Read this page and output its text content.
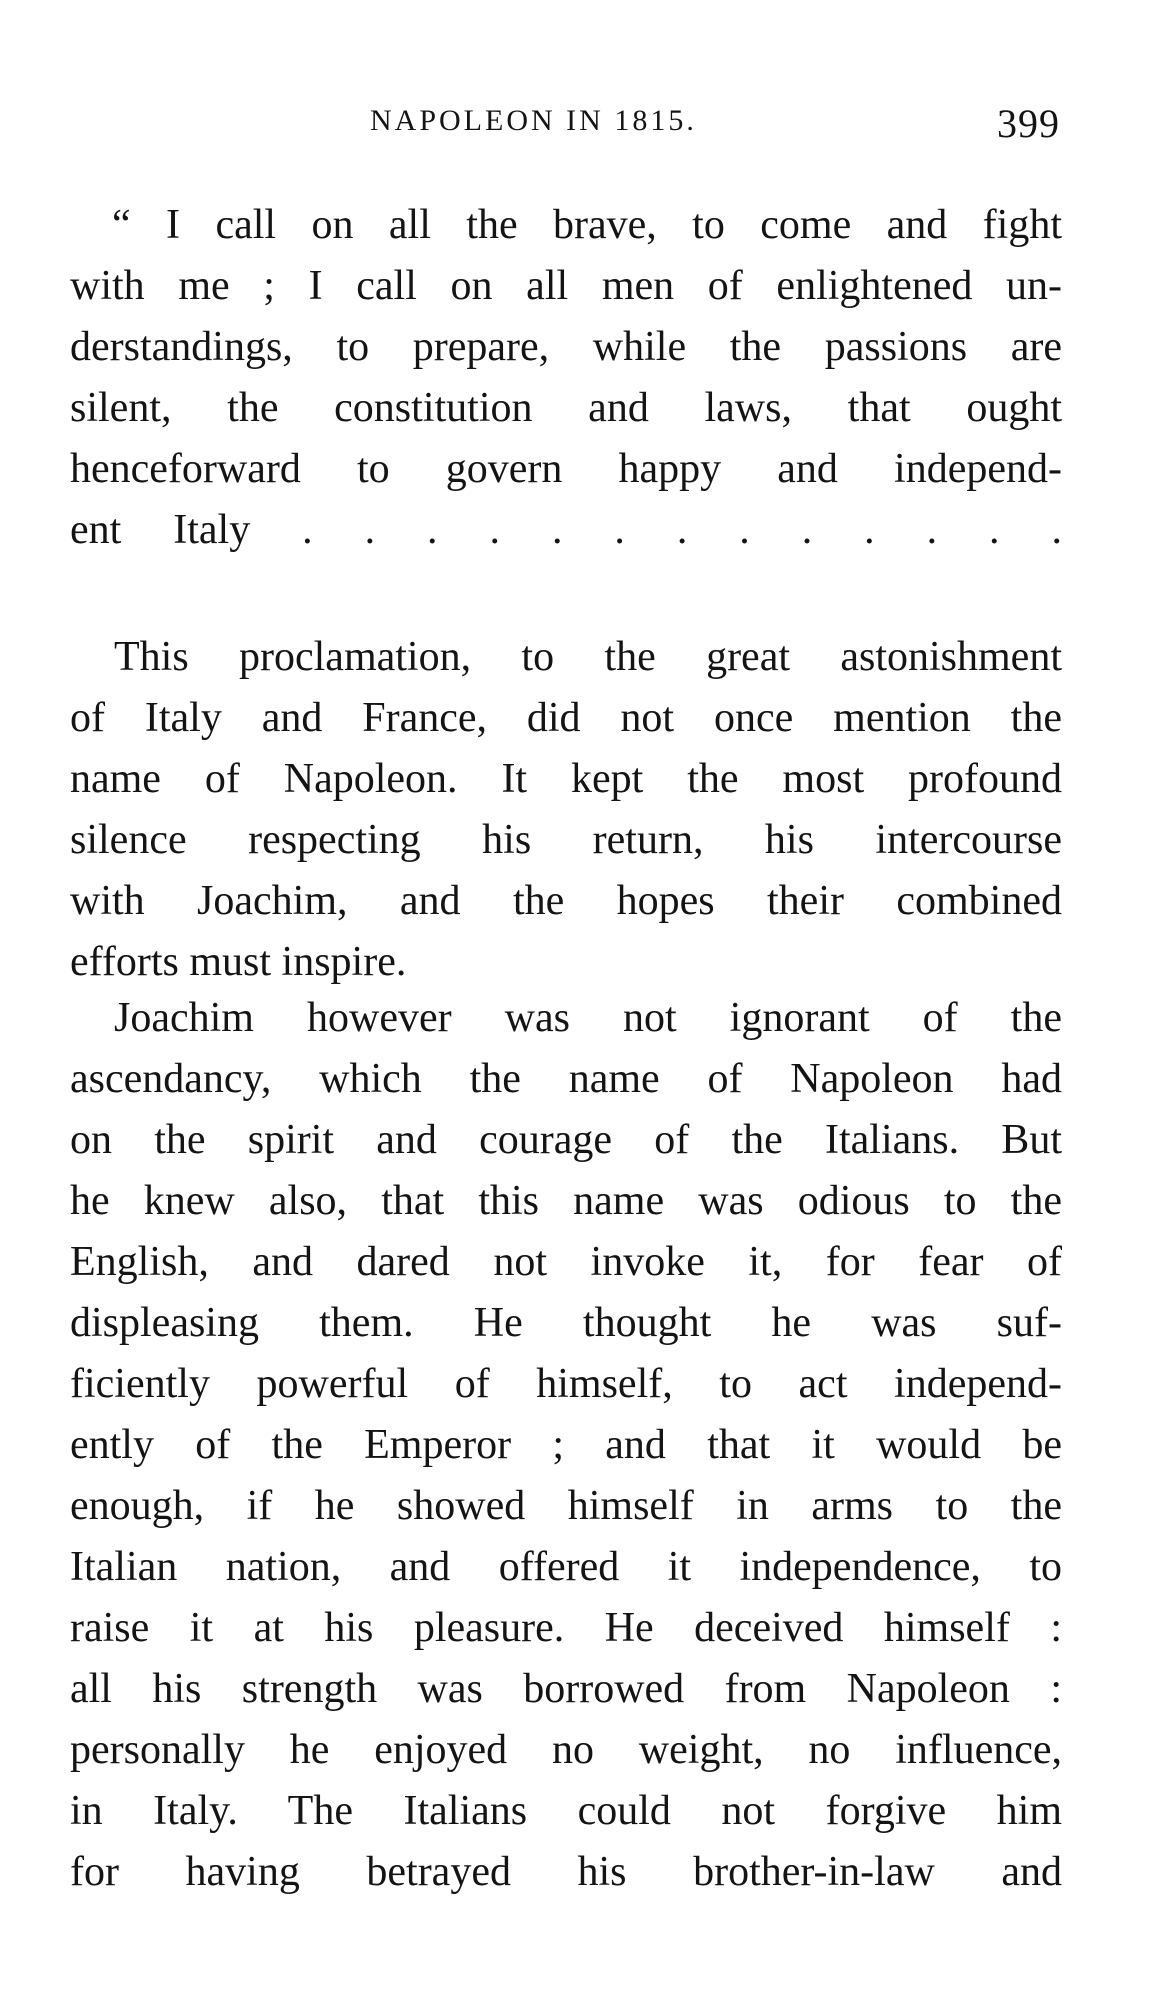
NAPOLEON IN 1815.	399
“ I call on all the brave, to come and fight
with me ; I call on all men of enlightened un-
derstandings, to prepare, while the passions are
silent, the constitution and laws, that ought
henceforward to govern happy and independ-
ent Italy . . . . . . . . . . . . .
This proclamation, to the great astonishment
of Italy and France, did not once mention the
name of Napoleon. It kept the most profound
silence respecting his return, his intercourse
with Joachim, and the hopes their combined
efforts must inspire.
Joachim however was not ignorant of the
ascendancy, which the name of Napoleon had
on the spirit and courage of the Italians. But
he knew also, that this name was odious to the
English, and dared not invoke it, for fear of
displeasing them. He thought he was suf-
ficiently powerful of himself, to act independ-
ently of the Emperor ; and that it would be
enough, if he showed himself in arms to the
Italian nation, and offered it independence, to
raise it at his pleasure. He deceived himself :
all his strength was borrowed from Napoleon :
personally he enjoyed no weight, no influence,
in Italy. The Italians could not forgive him
for having betrayed his brother-in-law and
